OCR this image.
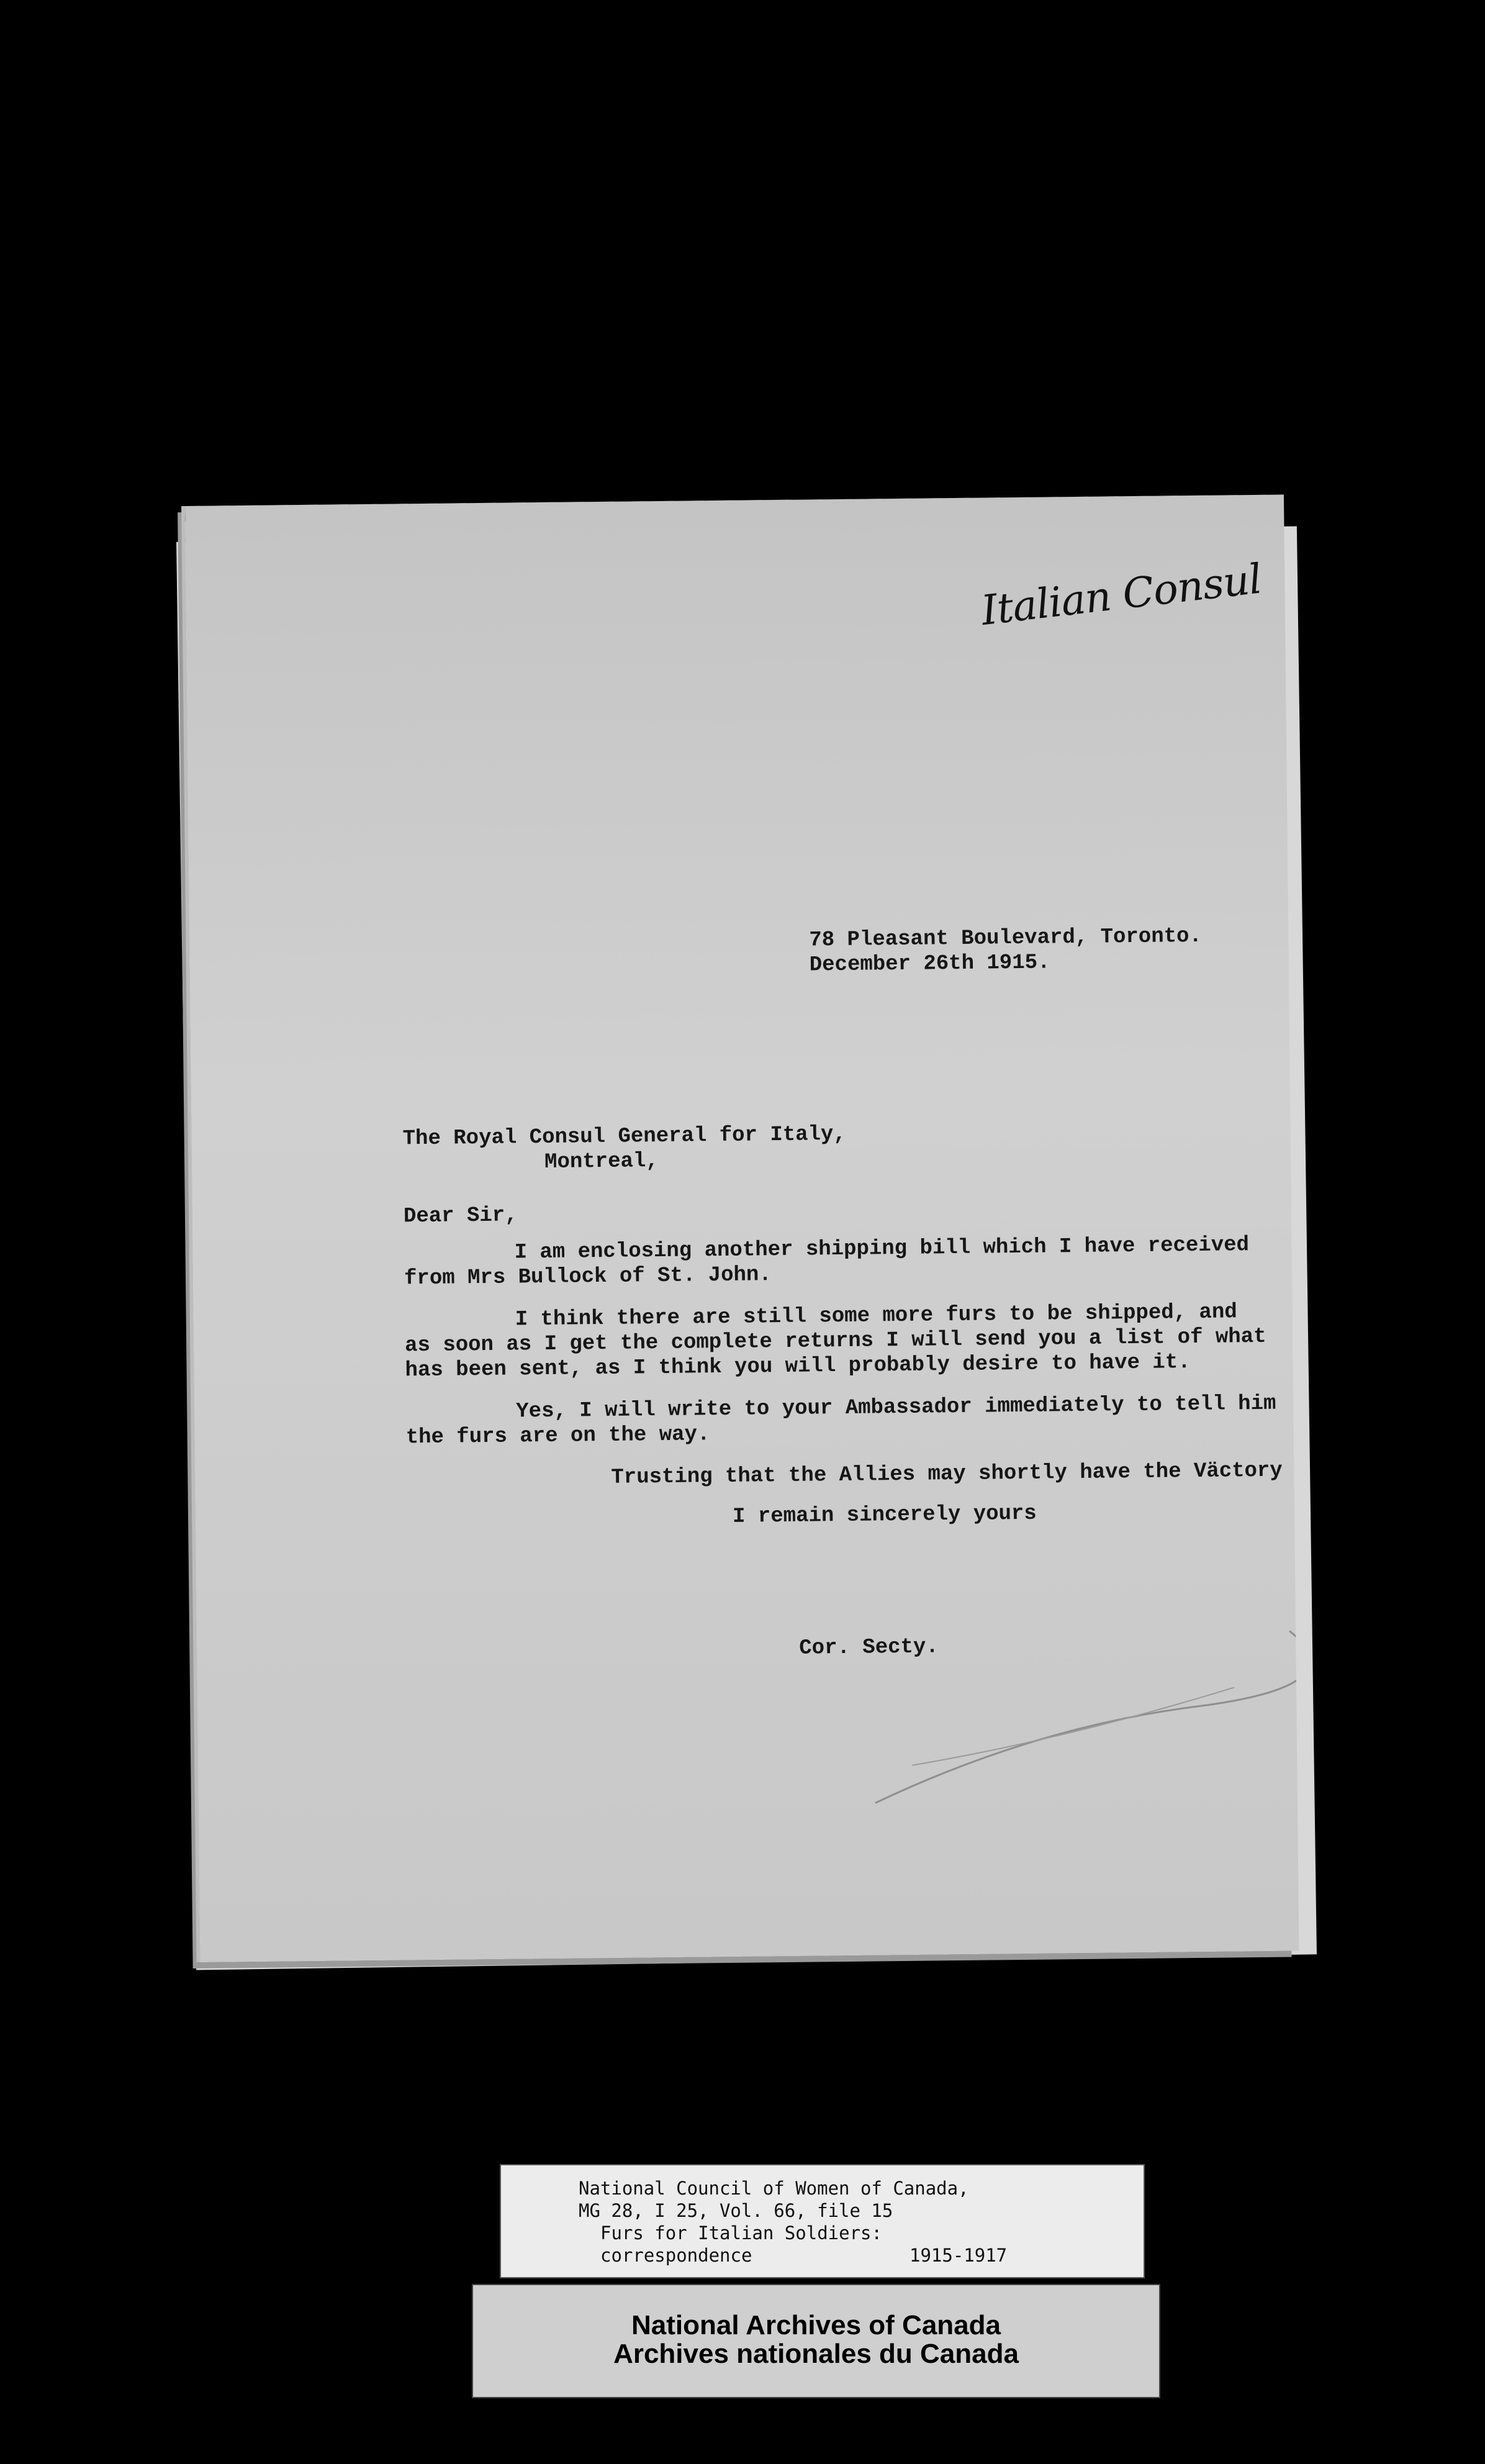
Italian Consul
78 Pleasant Boulevard, Toronto.
December 26th 1915.
The Royal Consul General for Italy,
Montreal,
Dear Sir,
I am enclosing another shipping bill which I have received
from Mrs Bullock of St. John.
I think there are still some more furs to be shipped, and
as soon as I get the complete returns I will send you a list of what
has been sent, as I think you will probably desire to have it.
Yes, I will write to your Ambassador immediately to tell him
the furs are on the way.
Trusting that the Allies may shortly have the Väctory
I remain sincerely yours
Cor. Secty.
National Council of Women of Canada,
MG 28, I 25, Vol. 66, file 15
Furs for Italian Soldiers:
correspondence	1915-1917
National Archives of Canada
Archives nationales du Canada
